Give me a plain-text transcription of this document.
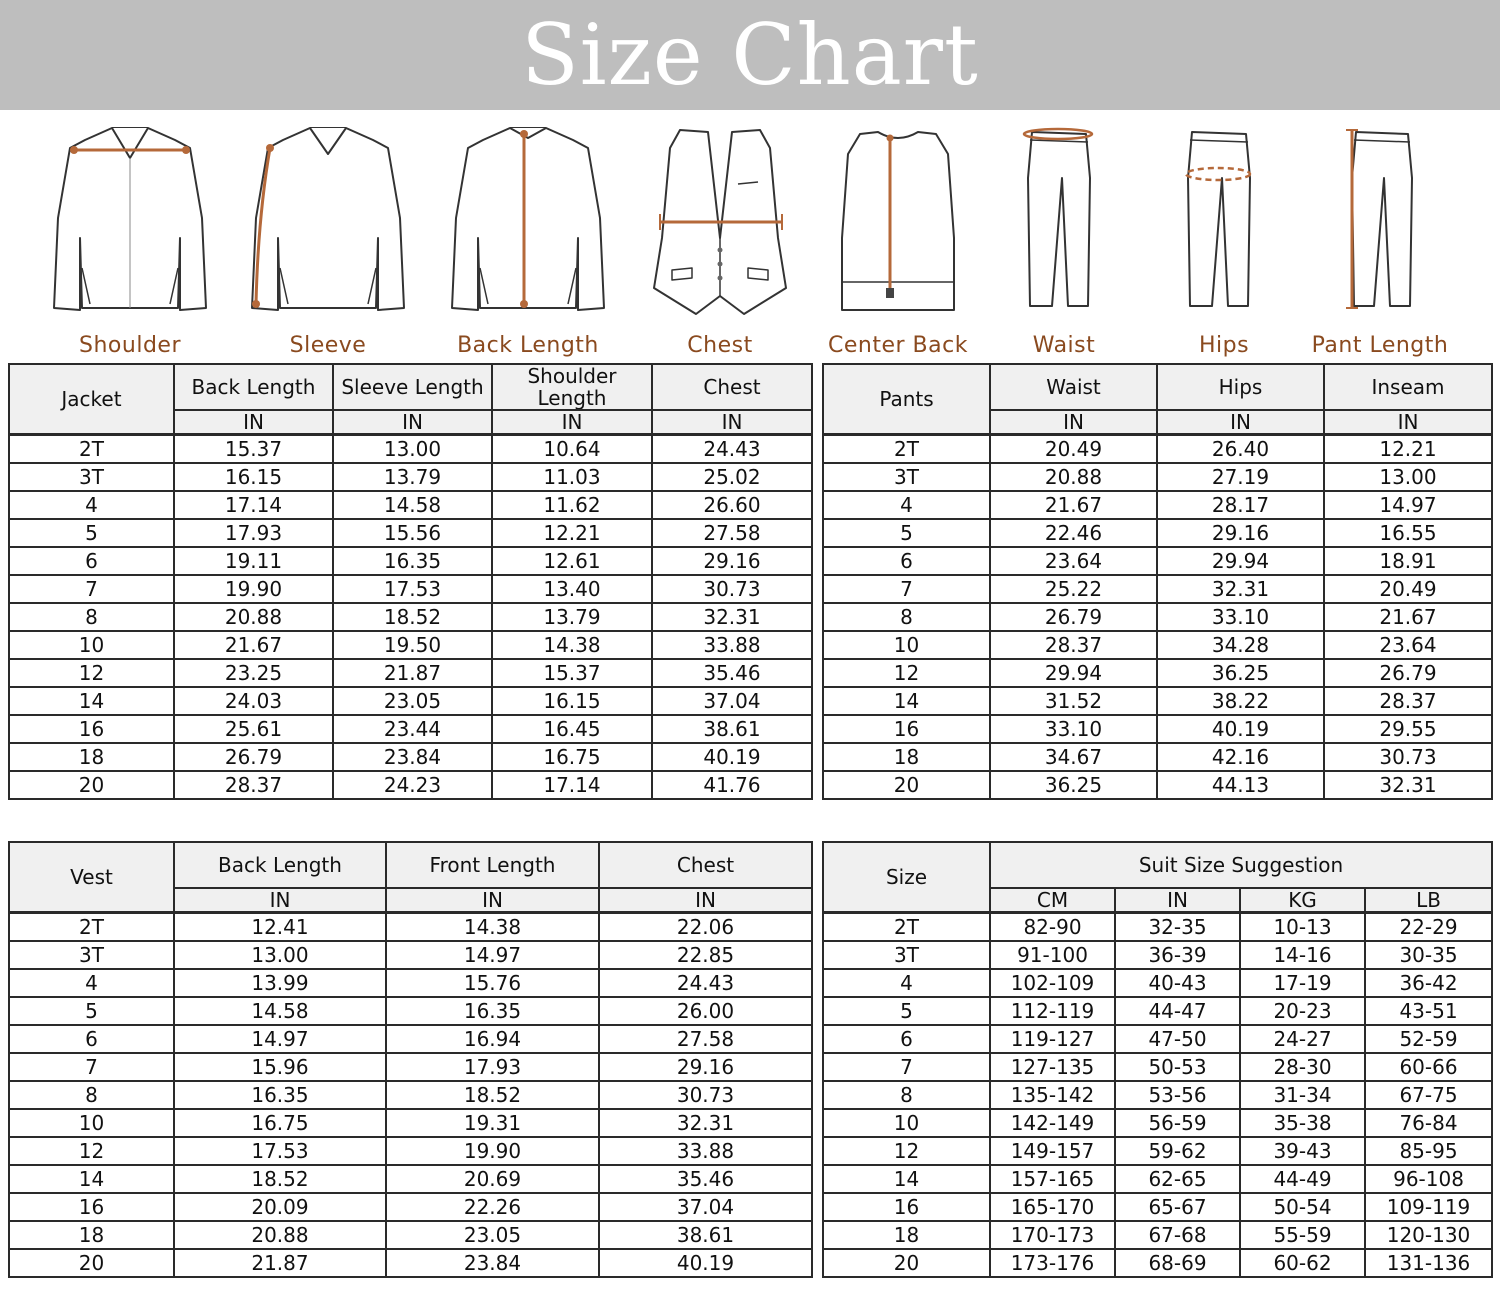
Size Chart
Shoulder	Sleeve	Back Length	Chest	Center Back	Waist	Hips	Pant Length
Jacket	Back Length	Sleeve Length	Shoulder Length	Chest
	IN	IN	IN	IN
2T	15.37	13.00	10.64	24.43
3T	16.15	13.79	11.03	25.02
4	17.14	14.58	11.62	26.60
5	17.93	15.56	12.21	27.58
6	19.11	16.35	12.61	29.16
7	19.90	17.53	13.40	30.73
8	20.88	18.52	13.79	32.31
10	21.67	19.50	14.38	33.88
12	23.25	21.87	15.37	35.46
14	24.03	23.05	16.15	37.04
16	25.61	23.44	16.45	38.61
18	26.79	23.84	16.75	40.19
20	28.37	24.23	17.14	41.76
Pants	Waist	Hips	Inseam
	IN	IN	IN
2T	20.49	26.40	12.21
3T	20.88	27.19	13.00
4	21.67	28.17	14.97
5	22.46	29.16	16.55
6	23.64	29.94	18.91
7	25.22	32.31	20.49
8	26.79	33.10	21.67
10	28.37	34.28	23.64
12	29.94	36.25	26.79
14	31.52	38.22	28.37
16	33.10	40.19	29.55
18	34.67	42.16	30.73
20	36.25	44.13	32.31
Vest	Back Length	Front Length	Chest
	IN	IN	IN
2T	12.41	14.38	22.06
3T	13.00	14.97	22.85
4	13.99	15.76	24.43
5	14.58	16.35	26.00
6	14.97	16.94	27.58
7	15.96	17.93	29.16
8	16.35	18.52	30.73
10	16.75	19.31	32.31
12	17.53	19.90	33.88
14	18.52	20.69	35.46
16	20.09	22.26	37.04
18	20.88	23.05	38.61
20	21.87	23.84	40.19
Size	Suit Size Suggestion			
	CM	IN	KG	LB
2T	82-90	32-35	10-13	22-29
3T	91-100	36-39	14-16	30-35
4	102-109	40-43	17-19	36-42
5	112-119	44-47	20-23	43-51
6	119-127	47-50	24-27	52-59
7	127-135	50-53	28-30	60-66
8	135-142	53-56	31-34	67-75
10	142-149	56-59	35-38	76-84
12	149-157	59-62	39-43	85-95
14	157-165	62-65	44-49	96-108
16	165-170	65-67	50-54	109-119
18	170-173	67-68	55-59	120-130
20	173-176	68-69	60-62	131-136
